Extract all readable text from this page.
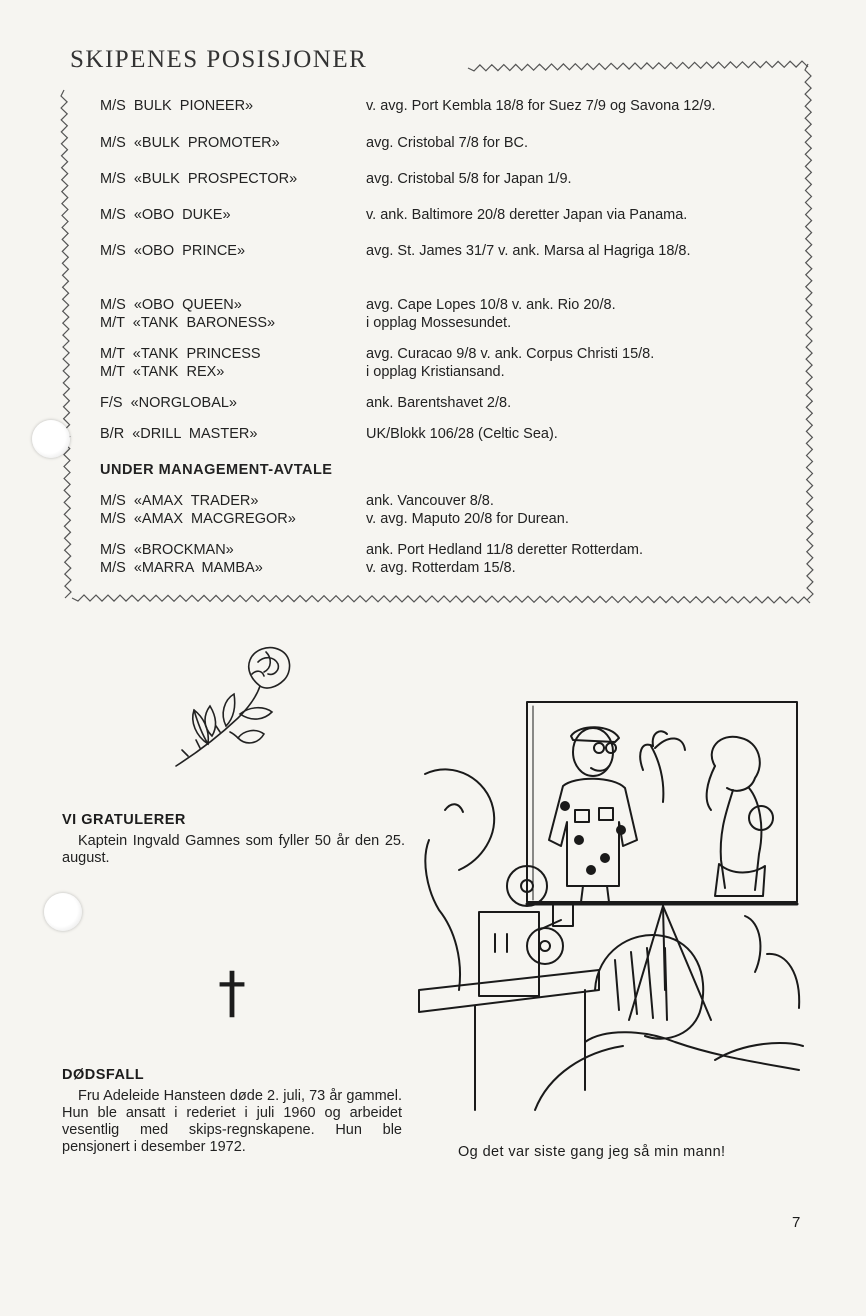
SKIPENES POSISJONER
M/S  BULK  PIONEER»	v. avg. Port Kembla 18/8 for Suez 7/9 og Savona 12/9.
M/S  «BULK  PROMOTER»	avg. Cristobal 7/8 for BC.
M/S  «BULK  PROSPECTOR»	avg. Cristobal 5/8 for Japan 1/9.
M/S  «OBO  DUKE»	v. ank. Baltimore 20/8 deretter Japan via Panama.
M/S  «OBO  PRINCE»	avg. St. James 31/7 v. ank. Marsa al Hagriga 18/8.
M/S  «OBO  QUEEN»	avg. Cape Lopes 10/8 v. ank. Rio 20/8.
M/T  «TANK  BARONESS»	i opplag Mossesundet.
M/T  «TANK  PRINCESS	avg. Curacao 9/8 v. ank. Corpus Christi 15/8.
M/T  «TANK  REX»	i opplag Kristiansand.
F/S  «NORGLOBAL»	ank. Barentshavet 2/8.
B/R  «DRILL  MASTER»	UK/Blokk 106/28 (Celtic Sea).
UNDER MANAGEMENT-AVTALE
M/S  «AMAX  TRADER»	ank. Vancouver 8/8.
M/S  «AMAX  MACGREGOR»	v. avg. Maputo 20/8 for Durean.
M/S  «BROCKMAN»	ank. Port Hedland 11/8 deretter Rotterdam.
M/S  «MARRA  MAMBA»	v. avg. Rotterdam 15/8.
VI GRATULERER
Kaptein Ingvald Gamnes som fyller 50 år den 25. august.
†
DØDSFALL
Fru Adeleide Hansteen døde 2. juli, 73 år gammel. Hun ble ansatt i rederiet i juli 1960 og arbeidet vesentlig med skips-regnskapene. Hun ble pensjonert i desember 1972.	Og det var siste gang jeg så min mann!
7
